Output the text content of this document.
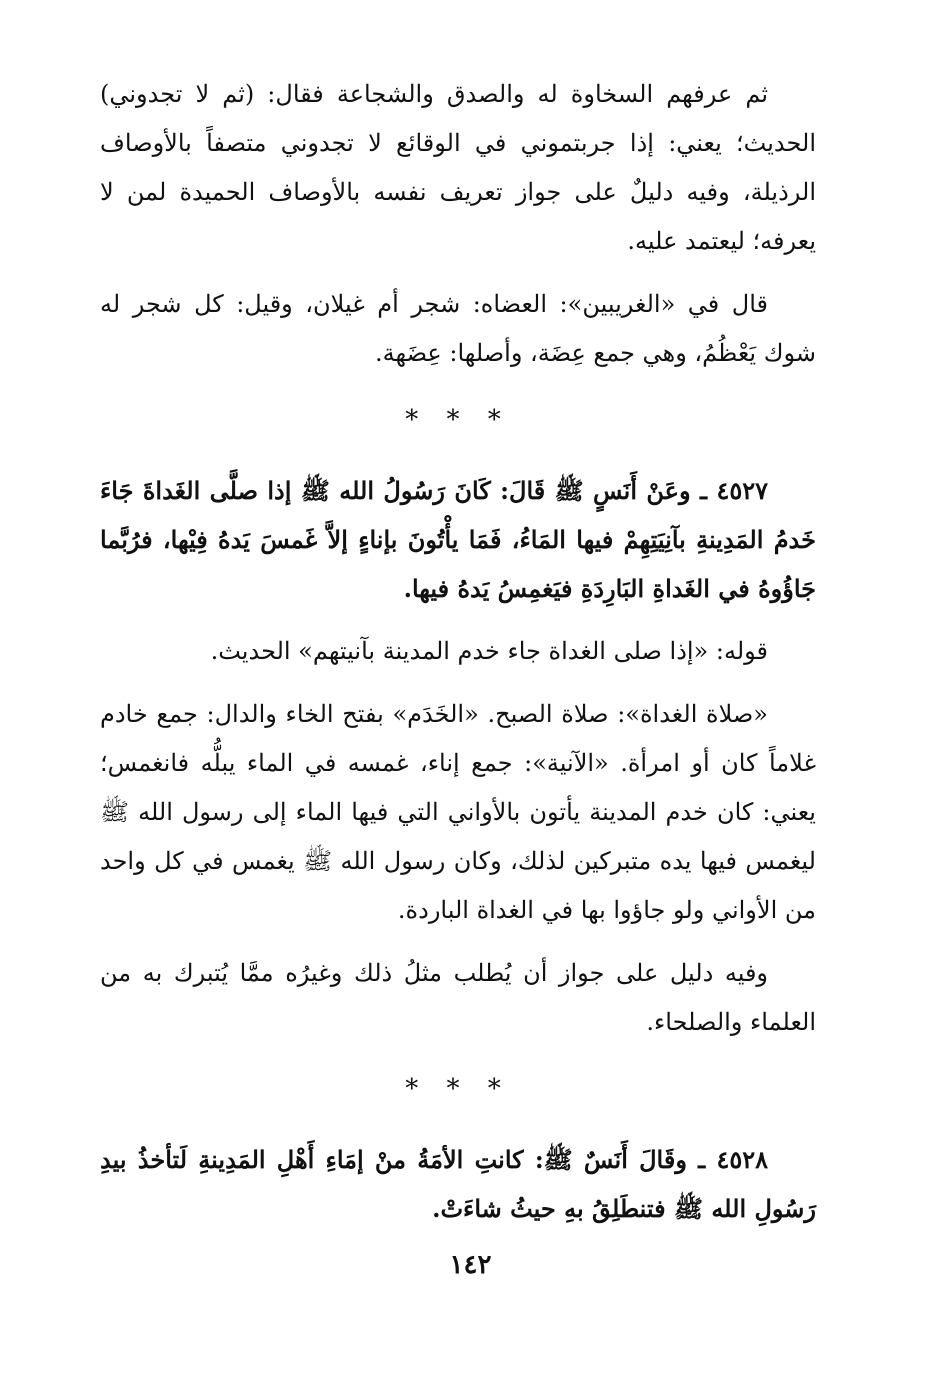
ثم عرفهم السخاوة له والصدق والشجاعة فقال: (ثم لا تجدوني) الحديث؛ يعني: إذا جربتموني في الوقائع لا تجدوني متصفاً بالأوصاف الرذيلة، وفيه دليلٌ على جواز تعريف نفسه بالأوصاف الحميدة لمن لا يعرفه؛ ليعتمد عليه.

قال في «الغريبين»: العضاه: شجر أم غيلان، وقيل: كل شجر له شوك يَعْظُمُ، وهي جمع عِضَة، وأصلها: عِضَهة.

* * *

٤٥٢٧ ـ وعَنْ أَنَسٍ ﷺ قَالَ: كَانَ رَسُولُ الله ﷺ إذا صلَّى الغَداةَ جَاءَ خَدمُ المَدِينةِ بآنِيَتِهِمْ فيها المَاءُ، فَمَا يأْتُونَ بإناءٍ إلاَّ غَمسَ يَدهُ فِيْها، فرُبَّما جَاؤُوهُ في الغَداةِ البَارِدَةِ فيَغمِسُ يَدهُ فيها.

قوله: «إذا صلى الغداة جاء خدم المدينة بآنيتهم» الحديث.

«صلاة الغداة»: صلاة الصبح. «الخَدَم» بفتح الخاء والدال: جمع خادم غلاماً كان أو امرأة. «الآنية»: جمع إناء، غمسه في الماء يبلُّه فانغمس؛ يعني: كان خدم المدينة يأتون بالأواني التي فيها الماء إلى رسول الله ﷺ ليغمس فيها يده متبركين لذلك، وكان رسول الله ﷺ يغمس في كل واحد من الأواني ولو جاؤوا بها في الغداة الباردة.

وفيه دليل على جواز أن يُطلب مثلُ ذلك وغيرُه ممَّا يُتبرك به من العلماء والصلحاء.

* * *

٤٥٢٨ ـ وقَالَ أَنَسٌ ﷺ: كانتِ الأمَةُ منْ إمَاءِ أَهْلِ المَدِينةِ لَتأخذُ بيدِ رَسُولِ الله ﷺ فتنطَلِقُ بهِ حيثُ شاءَتْ.

١٤٢
